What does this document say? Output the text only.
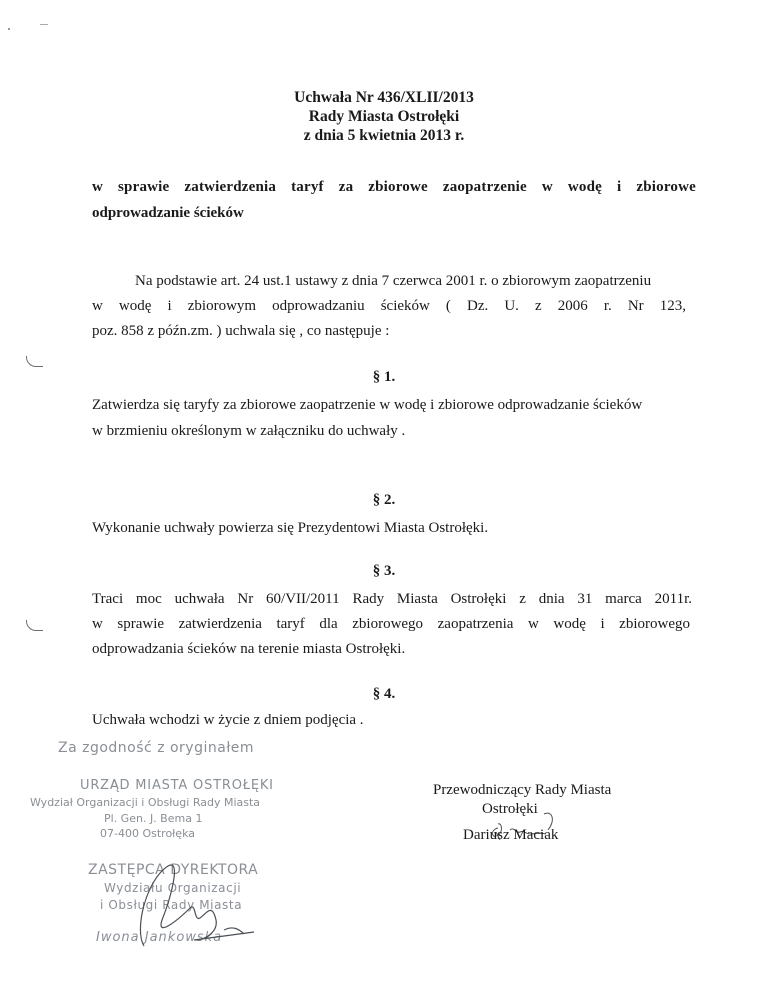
Uchwała Nr 436/XLII/2013
Rady Miasta Ostrołęki
z dnia 5 kwietnia 2013 r.
w sprawie zatwierdzenia taryf za zbiorowe zaopatrzenie w wodę i zbiorowe
odprowadzanie ścieków
Na podstawie art. 24 ust.1 ustawy z dnia 7 czerwca 2001 r. o zbiorowym zaopatrzeniu
w wodę i zbiorowym odprowadzaniu ścieków ( Dz. U. z 2006 r. Nr 123,
poz. 858 z późn.zm. ) uchwala się , co następuje :
§ 1.
Zatwierdza się taryfy za zbiorowe zaopatrzenie w wodę i zbiorowe odprowadzanie ścieków
w brzmieniu określonym w załączniku do uchwały .
§ 2.
Wykonanie uchwały powierza się Prezydentowi Miasta Ostrołęki.
§ 3.
Traci moc uchwała Nr 60/VII/2011 Rady Miasta Ostrołęki z dnia 31 marca 2011r.
w sprawie zatwierdzenia taryf dla zbiorowego zaopatrzenia w wodę i zbiorowego
odprowadzania ścieków na terenie miasta Ostrołęki.
§ 4.
Uchwała wchodzi w życie z dniem podjęcia .
Za zgodność z oryginałem
URZĄD MIASTA OSTROŁĘKI
Wydział Organizacji i Obsługi Rady Miasta
Pl. Gen. J. Bema 1
07-400 Ostrołęka
ZASTĘPCA DYREKTORA
Wydziału Organizacji
i Obsługi Rady Miasta
Iwona Jankowska
Przewodniczący Rady Miasta
Ostrołęki
Dariusz Maciak
